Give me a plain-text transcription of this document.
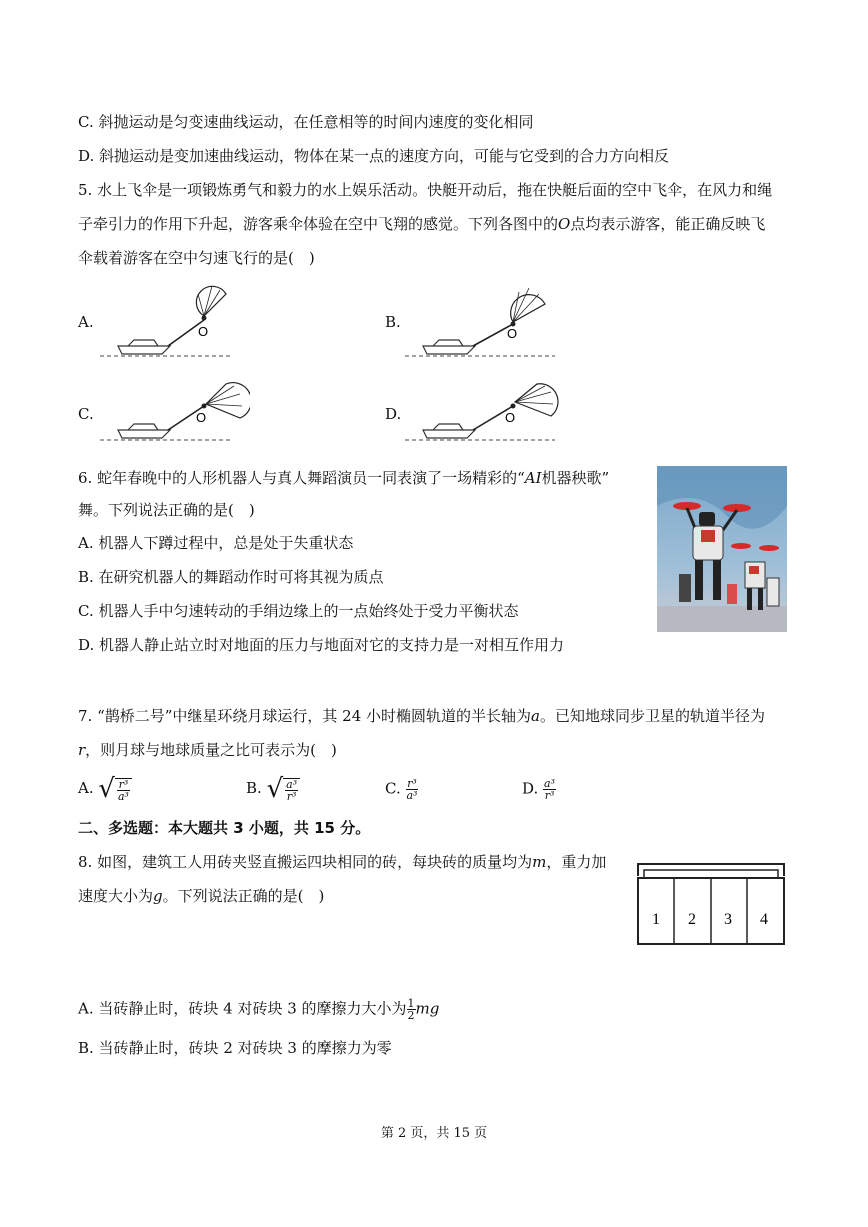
C. 斜抛运动是匀变速曲线运动，在任意相等的时间内速度的变化相同
D. 斜抛运动是变加速曲线运动，物体在某一点的速度方向，可能与它受到的合力方向相反
5. 水上飞伞是一项锻炼勇气和毅力的水上娱乐活动。快艇开动后，拖在快艇后面的空中飞伞，在风力和绳
子牵引力的作用下升起，游客乘伞体验在空中飞翔的感觉。下列各图中的O点均表示游客，能正确反映飞
伞载着游客在空中匀速飞行的是(　)
A.
O
B.
O
C.	O	D.	O
6. 蛇年春晚中的人形机器人与真人舞蹈演员一同表演了一场精彩的“AI机器秧歌”
舞。下列说法正确的是(　)
A. 机器人下蹲过程中，总是处于失重状态
B. 在研究机器人的舞蹈动作时可将其视为质点
C. 机器人手中匀速转动的手绢边缘上的一点始终处于受力平衡状态
D. 机器人静止站立时对地面的压力与地面对它的支持力是一对相互作用力
7. “鹊桥二号”中继星环绕月球运行，其 24 小时椭圆轨道的半长轴为a。已知地球同步卫星的轨道半径为
r，则月球与地球质量之比可表示为(　)
A. √ $\frac{\text{r³}}{\text{a³}}$	B. √ $\frac{\text{a³}}{\text{r³}}$	C. $\frac{\text{r³}}{\text{a³}}$	D. $\frac{\text{a³}}{\text{r³}}$
二、多选题：本大题共 3 小题，共 15 分。
8. 如图，建筑工人用砖夹竖直搬运四块相同的砖，每块砖的质量均为m，重力加
速度大小为g。下列说法正确的是(　)
1 2 3 4
A. 当砖静止时，砖块 4 对砖块 3 的摩擦力大小为 $\frac{1}{2}$ mg
B. 当砖静止时，砖块 2 对砖块 3 的摩擦力为零
第 2 页，共 15 页
